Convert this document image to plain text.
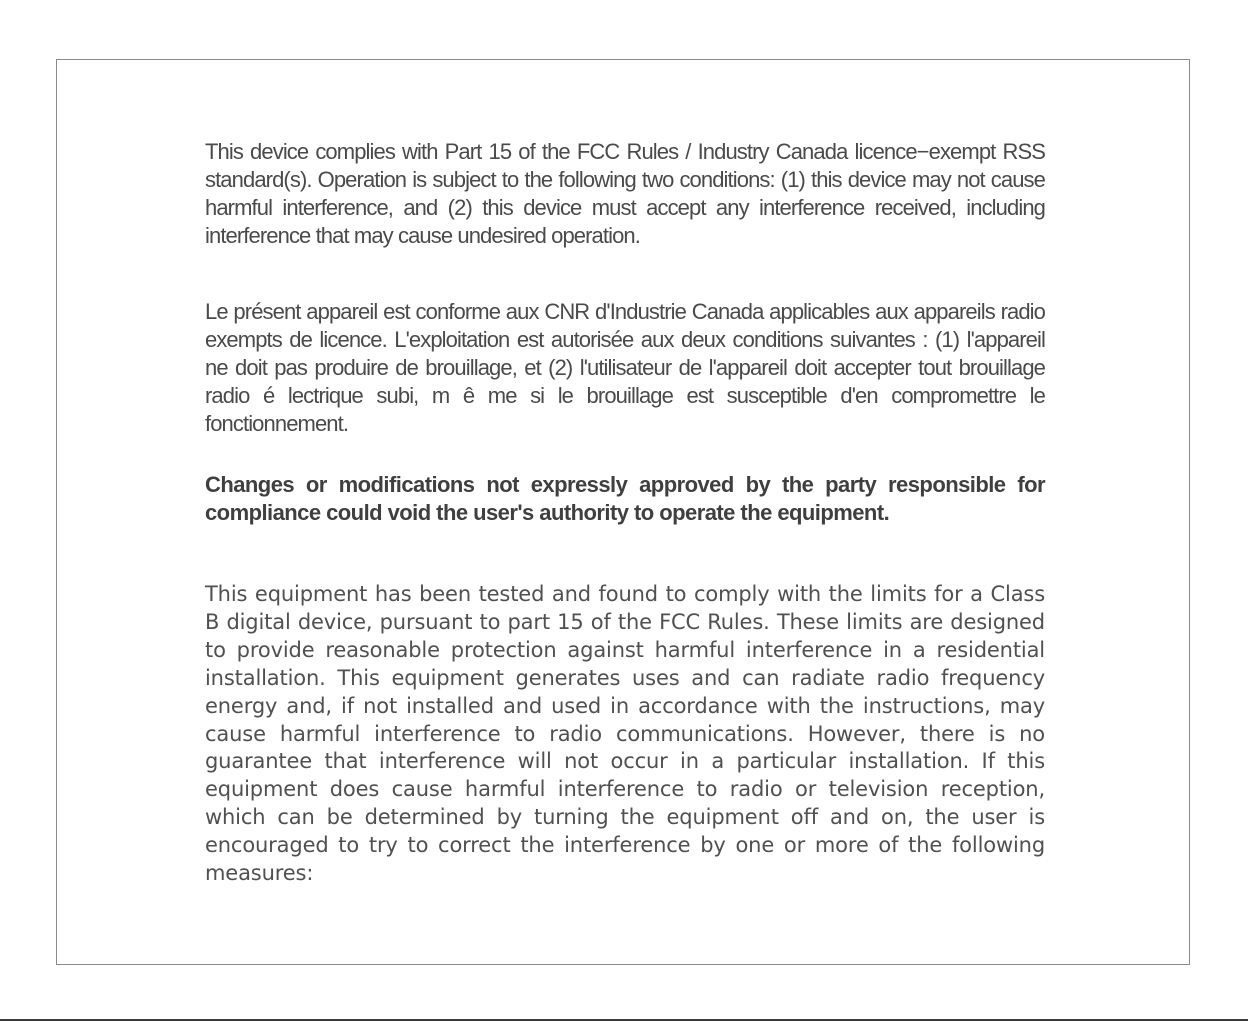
This device complies with Part 15 of the FCC Rules / Industry Canada licence−exempt RSS standard(s). Operation is subject to the following two conditions: (1) this device may not cause harmful interference, and (2) this device must accept any interference received, including interference that may cause undesired operation.

Le présent appareil est conforme aux CNR d'Industrie Canada applicables aux appareils radio exempts de licence. L'exploitation est autorisée aux deux conditions suivantes : (1) l'appareil ne doit pas produire de brouillage, et (2) l'utilisateur de l'appareil doit accepter tout brouillage radio é lectrique subi, m ê me si le brouillage est susceptible d'en compromettre le fonctionnement.

Changes or modifications not expressly approved by the party responsible for compliance could void the user's authority to operate the equipment.

This equipment has been tested and found to comply with the limits for a Class B digital device, pursuant to part 15 of the FCC Rules. These limits are designed to provide reasonable protection against harmful interference in a residential installation. This equipment generates uses and can radiate radio frequency energy and, if not installed and used in accordance with the instructions, may cause harmful interference to radio communications. However, there is no guarantee that interference will not occur in a particular installation. If this equipment does cause harmful interference to radio or television reception, which can be determined by turning the equipment off and on, the user is encouraged to try to correct the interference by one or more of the following measures:
